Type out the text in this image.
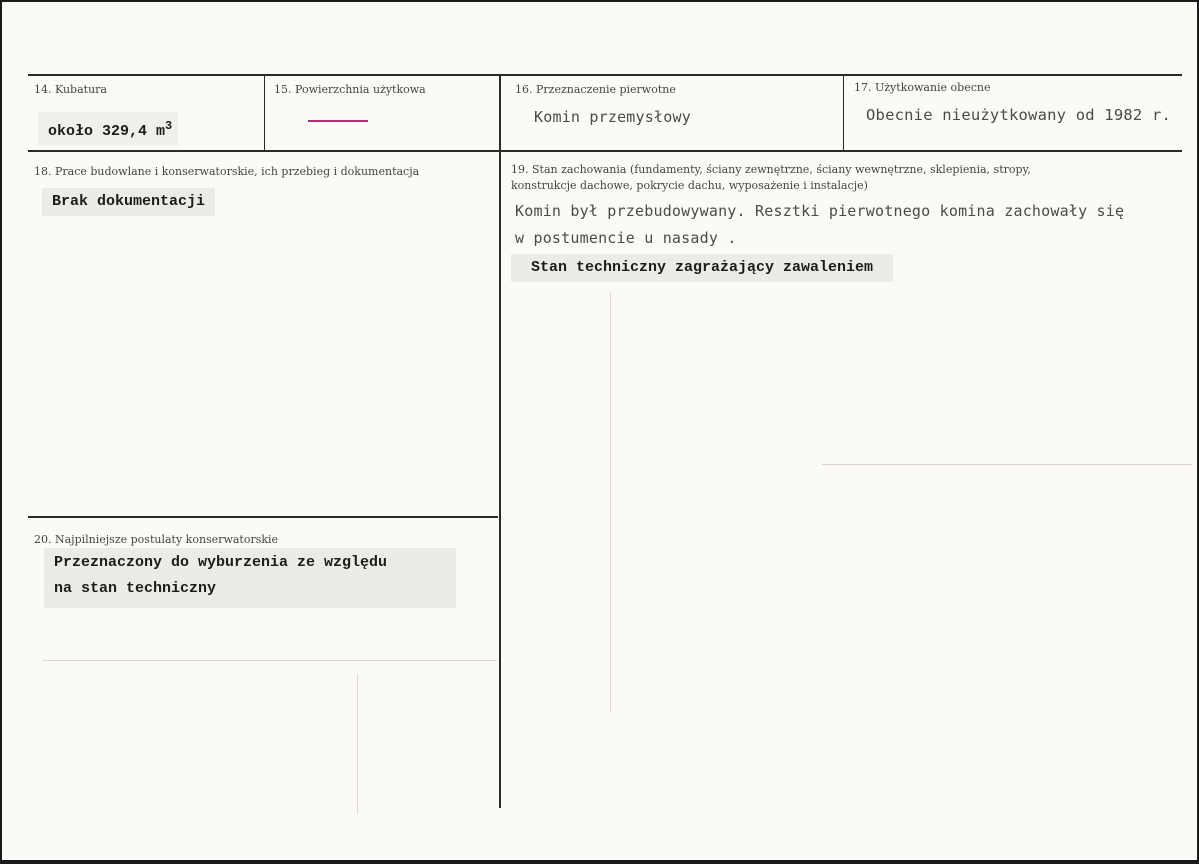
14. Kubatura
około 329,4 $m^3$
15. Powierzchnia użytkowa	16. Przeznaczenie pierwotne
Komin przemysłowy
17. Użytkowanie obecne
Obecnie nieużytkowany od 1982 r.
18. Prace budowlane i konserwatorskie, ich przebieg i dokumentacja
Brak dokumentacji
19. Stan zachowania (fundamenty, ściany zewnętrzne, ściany wewnętrzne, sklepienia, stropy,
konstrukcje dachowe, pokrycie dachu, wyposażenie i instalacje)
Komin był przebudowywany. Resztki pierwotnego komina zachowały się
w postumencie u nasady .
Stan techniczny zagrażający zawaleniem
20. Najpilniejsze postulaty konserwatorskie
Przeznaczony do wyburzenia ze względu
na stan techniczny
